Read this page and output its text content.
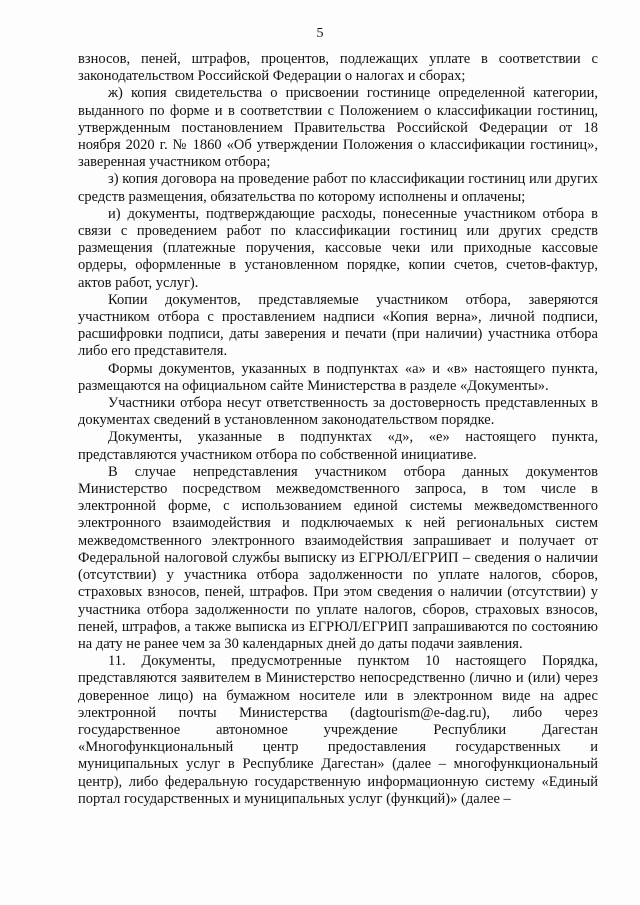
5

взносов, пеней, штрафов, процентов, подлежащих уплате в соответствии с законодательством Российской Федерации о налогах и сборах;

ж) копия свидетельства о присвоении гостинице определенной категории, выданного по форме и в соответствии с Положением о классификации гостиниц, утвержденным постановлением Правительства Российской Федерации от 18 ноября 2020 г. № 1860 «Об утверждении Положения о классификации гостиниц», заверенная участником отбора;

з) копия договора на проведение работ по классификации гостиниц или других средств размещения, обязательства по которому исполнены и оплачены;

и) документы, подтверждающие расходы, понесенные участником отбора в связи с проведением работ по классификации гостиниц или других средств размещения (платежные поручения, кассовые чеки или приходные кассовые ордеры, оформленные в установленном порядке, копии счетов, счетов-фактур, актов работ, услуг).

Копии документов, представляемые участником отбора, заверяются участником отбора с проставлением надписи «Копия верна», личной подписи, расшифровки подписи, даты заверения и печати (при наличии) участника отбора либо его представителя.

Формы документов, указанных в подпунктах «а» и «в» настоящего пункта, размещаются на официальном сайте Министерства в разделе «Документы».

Участники отбора несут ответственность за достоверность представленных в документах сведений в установленном законодательством порядке.

Документы, указанные в подпунктах «д», «е» настоящего пункта, представляются участником отбора по собственной инициативе.

В случае непредставления участником отбора данных документов Министерство посредством межведомственного запроса, в том числе в электронной форме, с использованием единой системы межведомственного электронного взаимодействия и подключаемых к ней региональных систем межведомственного электронного взаимодействия запрашивает и получает от Федеральной налоговой службы выписку из ЕГРЮЛ/ЕГРИП – сведения о наличии (отсутствии) у участника отбора задолженности по уплате налогов, сборов, страховых взносов, пеней, штрафов. При этом сведения о наличии (отсутствии) у участника отбора задолженности по уплате налогов, сборов, страховых взносов, пеней, штрафов, а также выписка из ЕГРЮЛ/ЕГРИП запрашиваются по состоянию на дату не ранее чем за 30 календарных дней до даты подачи заявления.

11. Документы, предусмотренные пунктом 10 настоящего Порядка, представляются заявителем в Министерство непосредственно (лично и (или) через доверенное лицо) на бумажном носителе или в электронном виде на адрес электронной почты Министерства (dagtourism@e-dag.ru), либо через государственное автономное учреждение Республики Дагестан «Многофункциональный центр предоставления государственных и муниципальных услуг в Республике Дагестан» (далее – многофункциональный центр), либо федеральную государственную информационную систему «Единый портал государственных и муниципальных услуг (функций)» (далее –
